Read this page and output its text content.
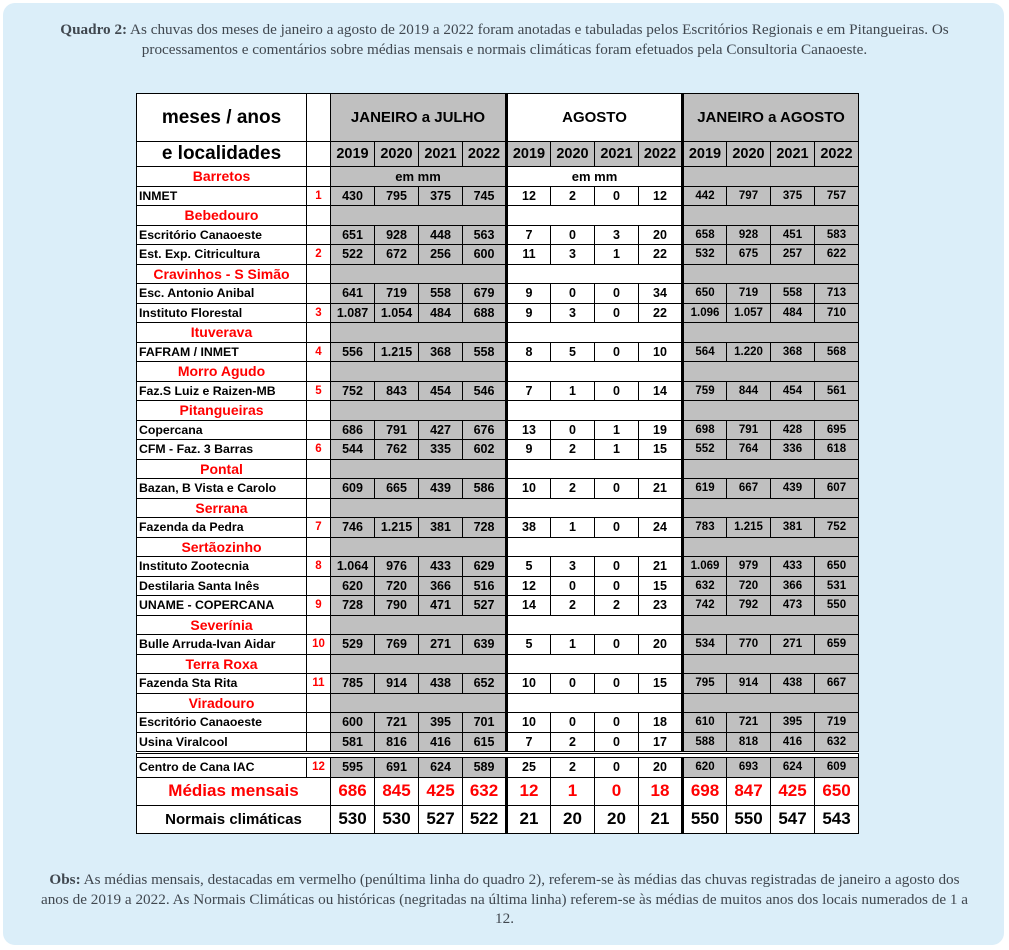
Quadro 2: As chuvas dos meses de janeiro a agosto de 2019 a 2022 foram anotadas e tabuladas pelos Escritórios Regionais e em Pitangueiras. Os processamentos e comentários sobre médias mensais e normais climáticas foram efetuados pela Consultoria Canaoeste.
meses / anos		JANEIRO a JULHO				AGOSTO				JANEIRO a AGOSTO			
e localidades		2019	2020	2021	2022	2019	2020	2021	2022	2019	2020	2021	2022
Barretos		em mm				em mm							
INMET	1	430	795	375	745	12	2	0	12	442	797	375	757
Bebedouro													
Escritório Canaoeste		651	928	448	563	7	0	3	20	658	928	451	583
Est. Exp. Citricultura	2	522	672	256	600	11	3	1	22	532	675	257	622
Cravinhos - S Simão													
Esc. Antonio Anibal		641	719	558	679	9	0	0	34	650	719	558	713
Instituto Florestal	3	1.087	1.054	484	688	9	3	0	22	1.096	1.057	484	710
Ituverava													
FAFRAM / INMET	4	556	1.215	368	558	8	5	0	10	564	1.220	368	568
Morro Agudo													
Faz.S Luiz e Raizen-MB	5	752	843	454	546	7	1	0	14	759	844	454	561
Pitangueiras													
Copercana		686	791	427	676	13	0	1	19	698	791	428	695
CFM - Faz. 3 Barras	6	544	762	335	602	9	2	1	15	552	764	336	618
Pontal													
Bazan, B Vista e Carolo		609	665	439	586	10	2	0	21	619	667	439	607
Serrana													
Fazenda da Pedra	7	746	1.215	381	728	38	1	0	24	783	1.215	381	752
Sertãozinho													
Instituto Zootecnia	8	1.064	976	433	629	5	3	0	21	1.069	979	433	650
Destilaria Santa Inês		620	720	366	516	12	0	0	15	632	720	366	531
UNAME - COPERCANA	9	728	790	471	527	14	2	2	23	742	792	473	550
Severínia													
Bulle Arruda-Ivan Aidar	10	529	769	271	639	5	1	0	20	534	770	271	659
Terra Roxa													
Fazenda Sta Rita	11	785	914	438	652	10	0	0	15	795	914	438	667
Viradouro													
Escritório Canaoeste		600	721	395	701	10	0	0	18	610	721	395	719
Usina Viralcool		581	816	416	615	7	2	0	17	588	818	416	632

Centro de Cana IAC	12	595	691	624	589	25	2	0	20	620	693	624	609
Médias mensais		686	845	425	632	12	1	0	18	698	847	425	650
Normais climáticas		530	530	527	522	21	20	20	21	550	550	547	543
Obs: As médias mensais, destacadas em vermelho (penúltima linha do quadro 2), referem-se às médias das chuvas registradas de janeiro a agosto dos anos de 2019 a 2022. As Normais Climáticas ou históricas (negritadas na última linha) referem-se às médias de muitos anos dos locais numerados de 1 a 12.
